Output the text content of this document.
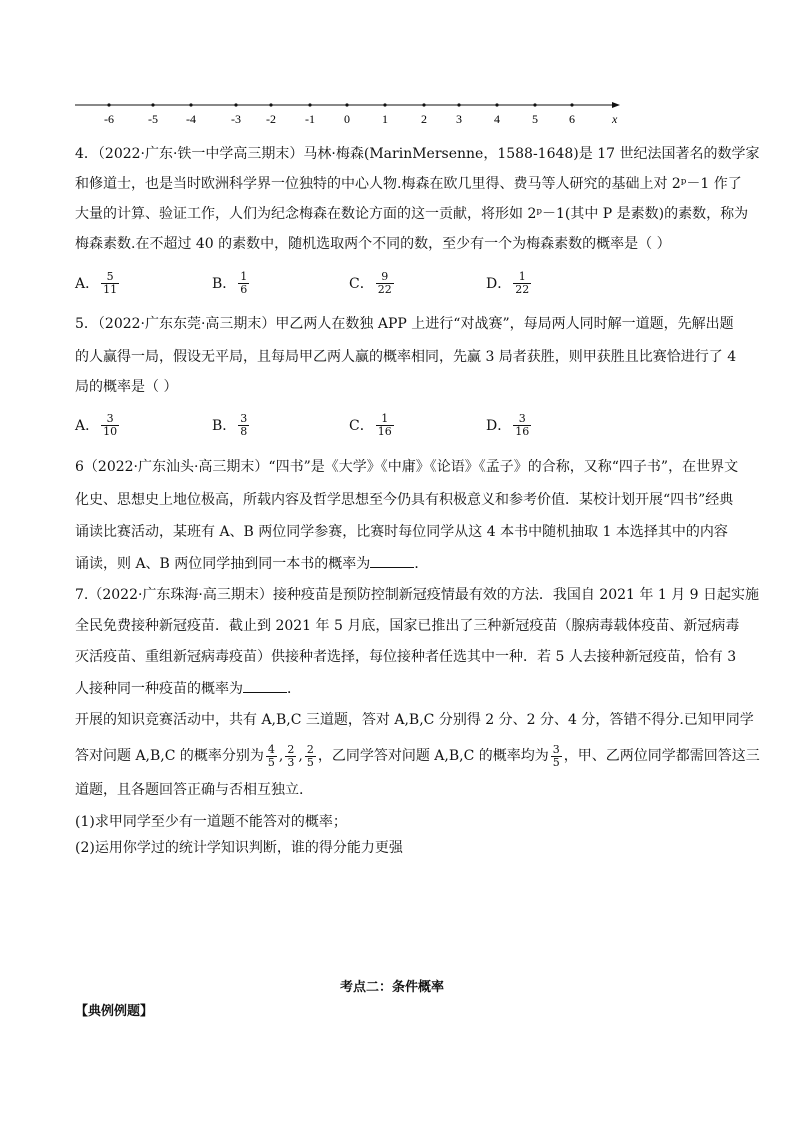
-6	-5 -4	-3 -2 -1 0	1	2 3	4	5	6	x
4．（2022·广东·铁一中学高三期末）马林·梅森(MarinMersenne，1588-1648)是 17 世纪法国著名的数学家
和修道士，也是当时欧洲科学界一位独特的中心人物.梅森在欧几里得、费马等人研究的基础上对 2ᵖ－1 作了
大量的计算、验证工作，人们为纪念梅森在数论方面的这一贡献，将形如 2ᵖ－1(其中 P 是素数)的素数，称为
梅森素数.在不超过 40 的素数中，随机选取两个不同的数，至少有一个为梅森素数的概率是（ ）
A． $\frac{5}{11}$	B． $\frac{1}{6}$	C． $\frac{9}{22}$	D． $\frac{1}{22}$
5．（2022·广东东莞·高三期末）甲乙两人在数独 APP 上进行“对战赛”，每局两人同时解一道题，先解出题
的人赢得一局，假设无平局，且每局甲乙两人赢的概率相同，先赢 3 局者获胜，则甲获胜且比赛恰进行了 4
局的概率是（ ）
A． $\frac{3}{10}$	B． $\frac{3}{8}$	C． $\frac{1}{16}$	D． $\frac{3}{16}$
6（2022·广东汕头·高三期末）“四书”是《大学》《中庸》《论语》《孟子》的合称，又称“四子书”，在世界文
化史、思想史上地位极高，所载内容及哲学思想至今仍具有积极意义和参考价值．某校计划开展“四书”经典
诵读比赛活动，某班有 A、B 两位同学参赛，比赛时每位同学从这 4 本书中随机抽取 1 本选择其中的内容
诵读，则 A、B 两位同学抽到同一本书的概率为	．
7.（2022·广东珠海·高三期末）接种疫苗是预防控制新冠疫情最有效的方法．我国自 2021 年 1 月 9 日起实施
全民免费接种新冠疫苗．截止到 2021 年 5 月底，国家已推出了三种新冠疫苗（腺病毒载体疫苗、新冠病毒
灭活疫苗、重组新冠病毒疫苗）供接种者选择，每位接种者任选其中一种．若 5 人去接种新冠疫苗，恰有 3
人接种同一种疫苗的概率为	．
开展的知识竞赛活动中，共有 A,B,C 三道题，答对 A,B,C 分别得 2 分、2 分、4 分，答错不得分.已知甲同学
答对问题 A,B,C 的概率分别为 $\frac{4}{5}$ , $\frac{2}{3}$ , $\frac{2}{5}$ ，乙同学答对问题 A,B,C 的概率均为 $\frac{3}{5}$ ，甲、乙两位同学都需回答这三
道题，且各题回答正确与否相互独立.
(1)求甲同学至少有一道题不能答对的概率；
(2)运用你学过的统计学知识判断，谁的得分能力更强
考点二：条件概率
【典例例题】
